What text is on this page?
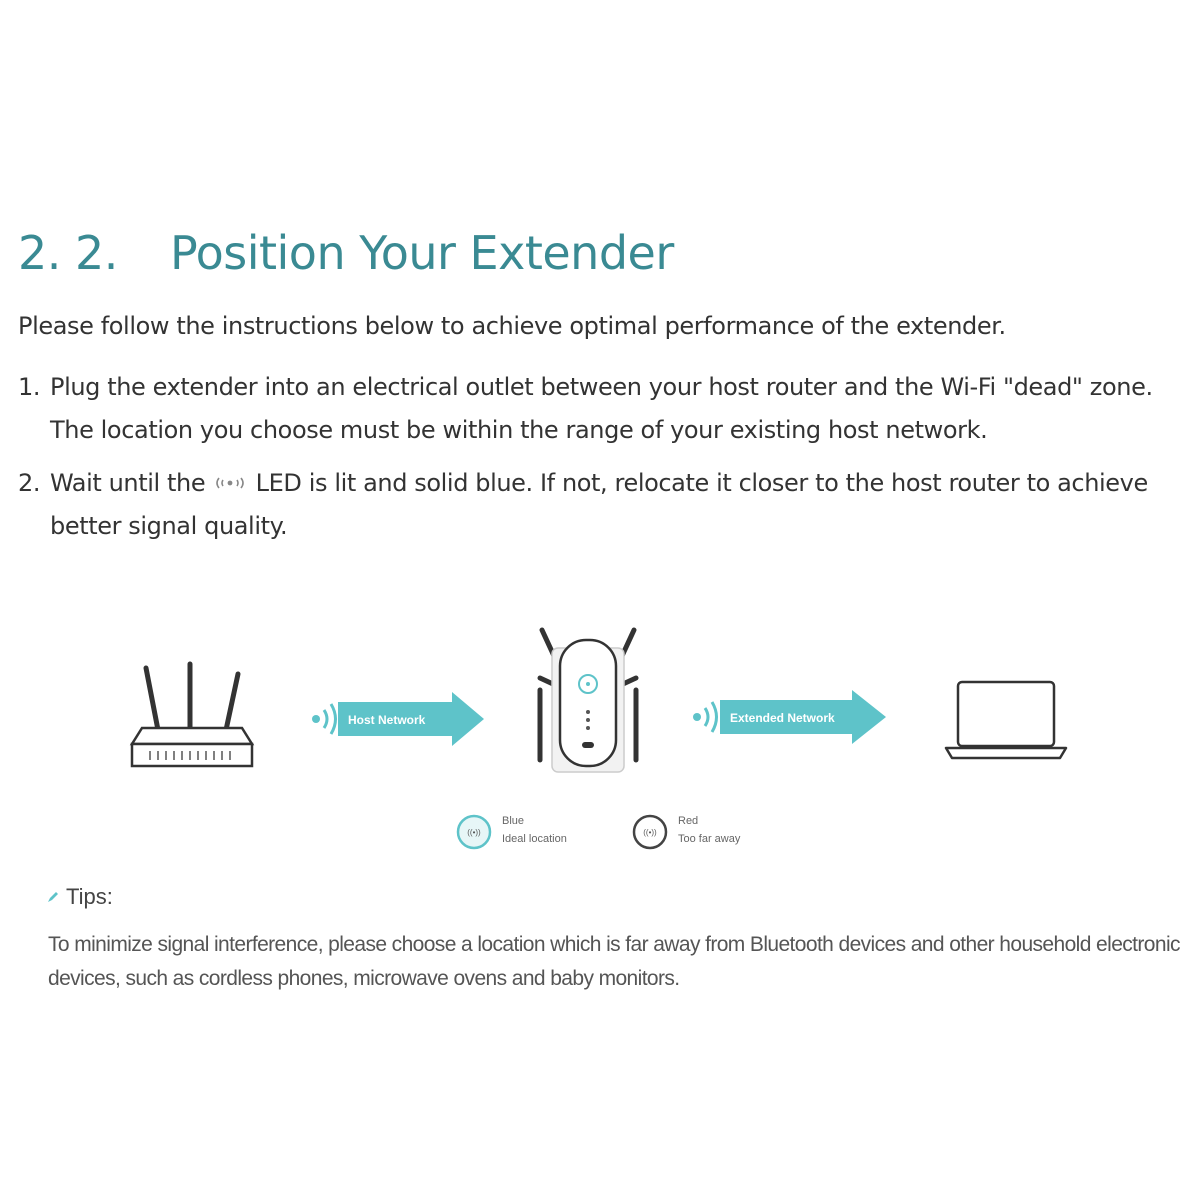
2. 2.	Position Your Extender
Please follow the instructions below to achieve optimal performance of the extender.
1. Plug the extender into an electrical outlet between your host router and the Wi-Fi "dead" zone. The location you choose must be within the range of your existing host network.
2. Wait until the LED is lit and solid blue. If not, relocate it closer to the host router to achieve better signal quality.
Host Network	Extended Network
((•))
Blue
Ideal location
((•))
Red
Too far away
Tips:
To minimize signal interference, please choose a location which is far away from Bluetooth devices and other household electronic devices, such as cordless phones, microwave ovens and baby monitors.
